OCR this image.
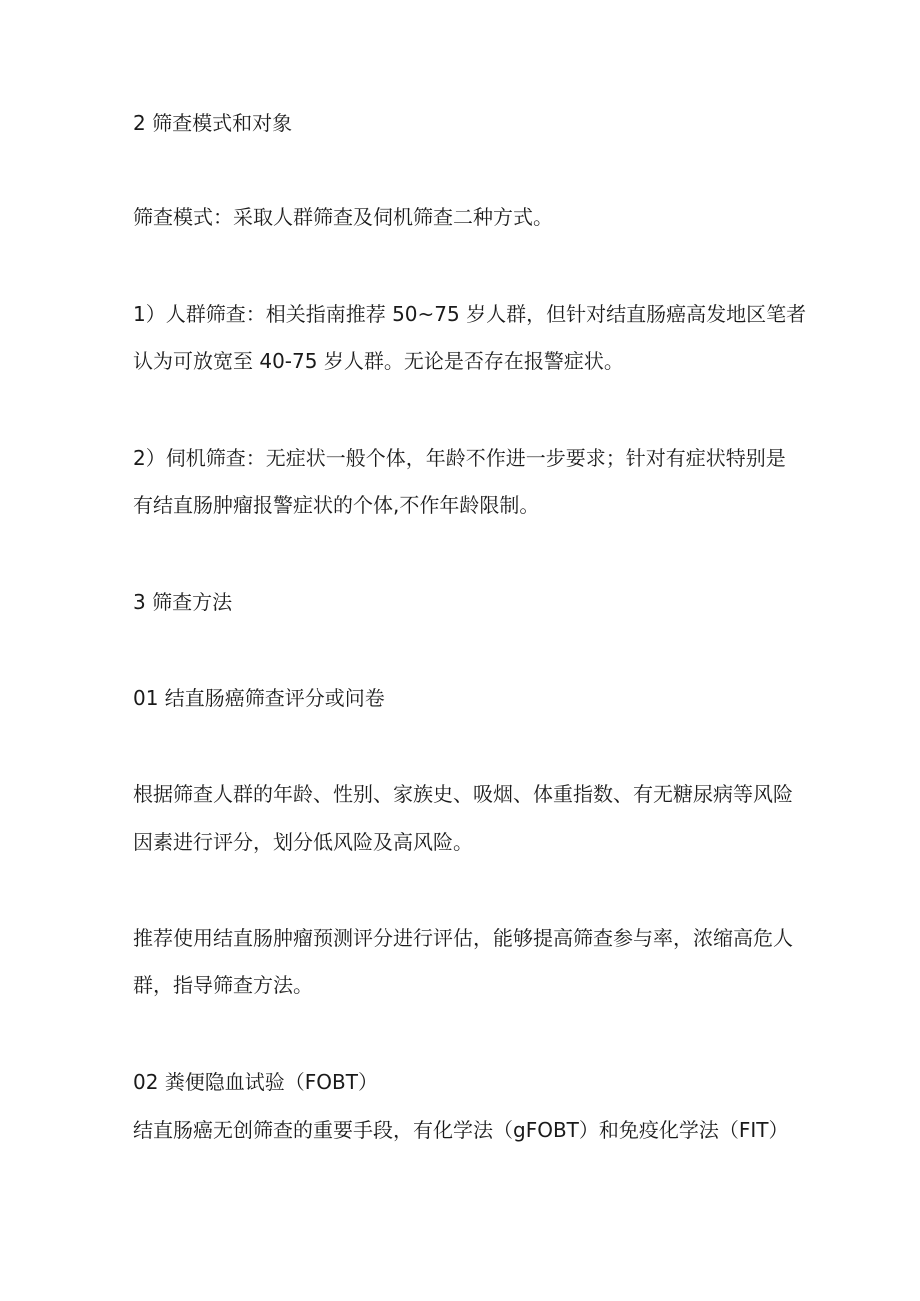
2 筛查模式和对象
筛查模式：采取人群筛查及伺机筛查二种方式。
1）人群筛查：相关指南推荐 50~75 岁人群，但针对结直肠癌高发地区笔者
认为可放宽至 40-75 岁人群。无论是否存在报警症状。
2）伺机筛查：无症状一般个体，年龄不作进一步要求；针对有症状特别是
有结直肠肿瘤报警症状的个体,不作年龄限制。
3 筛查方法
01 结直肠癌筛查评分或问卷
根据筛查人群的年龄、性别、家族史、吸烟、体重指数、有无糖尿病等风险
因素进行评分，划分低风险及高风险。
推荐使用结直肠肿瘤预测评分进行评估，能够提高筛查参与率，浓缩高危人
群，指导筛查方法。
02 粪便隐血试验（FOBT）
结直肠癌无创筛查的重要手段，有化学法（gFOBT）和免疫化学法（FIT）
